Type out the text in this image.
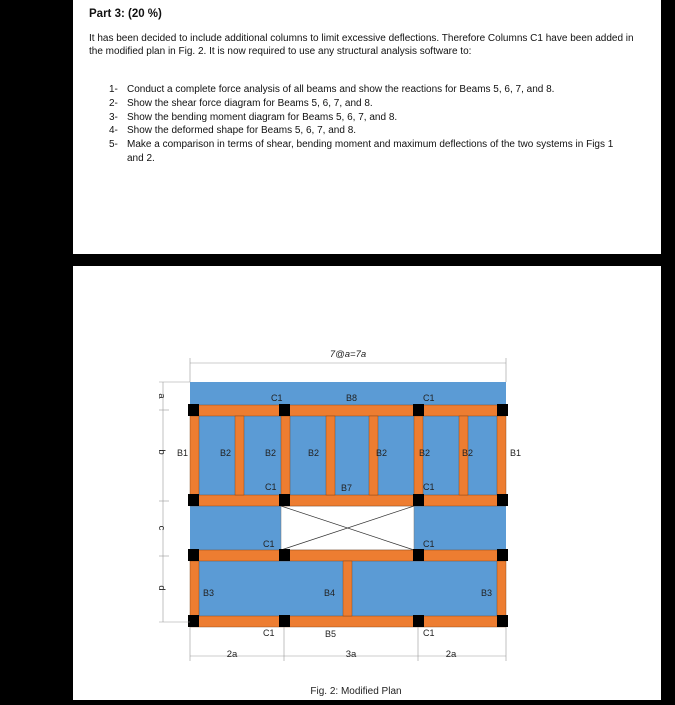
Part 3: (20 %)
It has been decided to include additional columns to limit excessive deflections. Therefore Columns C1 have been added in the modified plan in Fig. 2. It is now required to use any structural analysis software to:
1- Conduct a complete force analysis of all beams and show the reactions for Beams 5, 6, 7, and 8.
2- Show the shear force diagram for Beams 5, 6, 7, and 8.
3- Show the bending moment diagram for Beams 5, 6, 7, and 8.
4- Show the deformed shape for Beams 5, 6, 7, and 8.
5- Make a comparison in terms of shear, bending moment and maximum deflections of the two systems in Figs 1 and 2.
7@a=7a
2a	3a	2a
a
b
c
d
C1	B8	C1
B1	B2	B2	B2	B2	B2	B2	B1
C1	B7	C1
C1	C1
B3	B4	B3
C1	B5	C1
Fig. 2: Modified Plan
